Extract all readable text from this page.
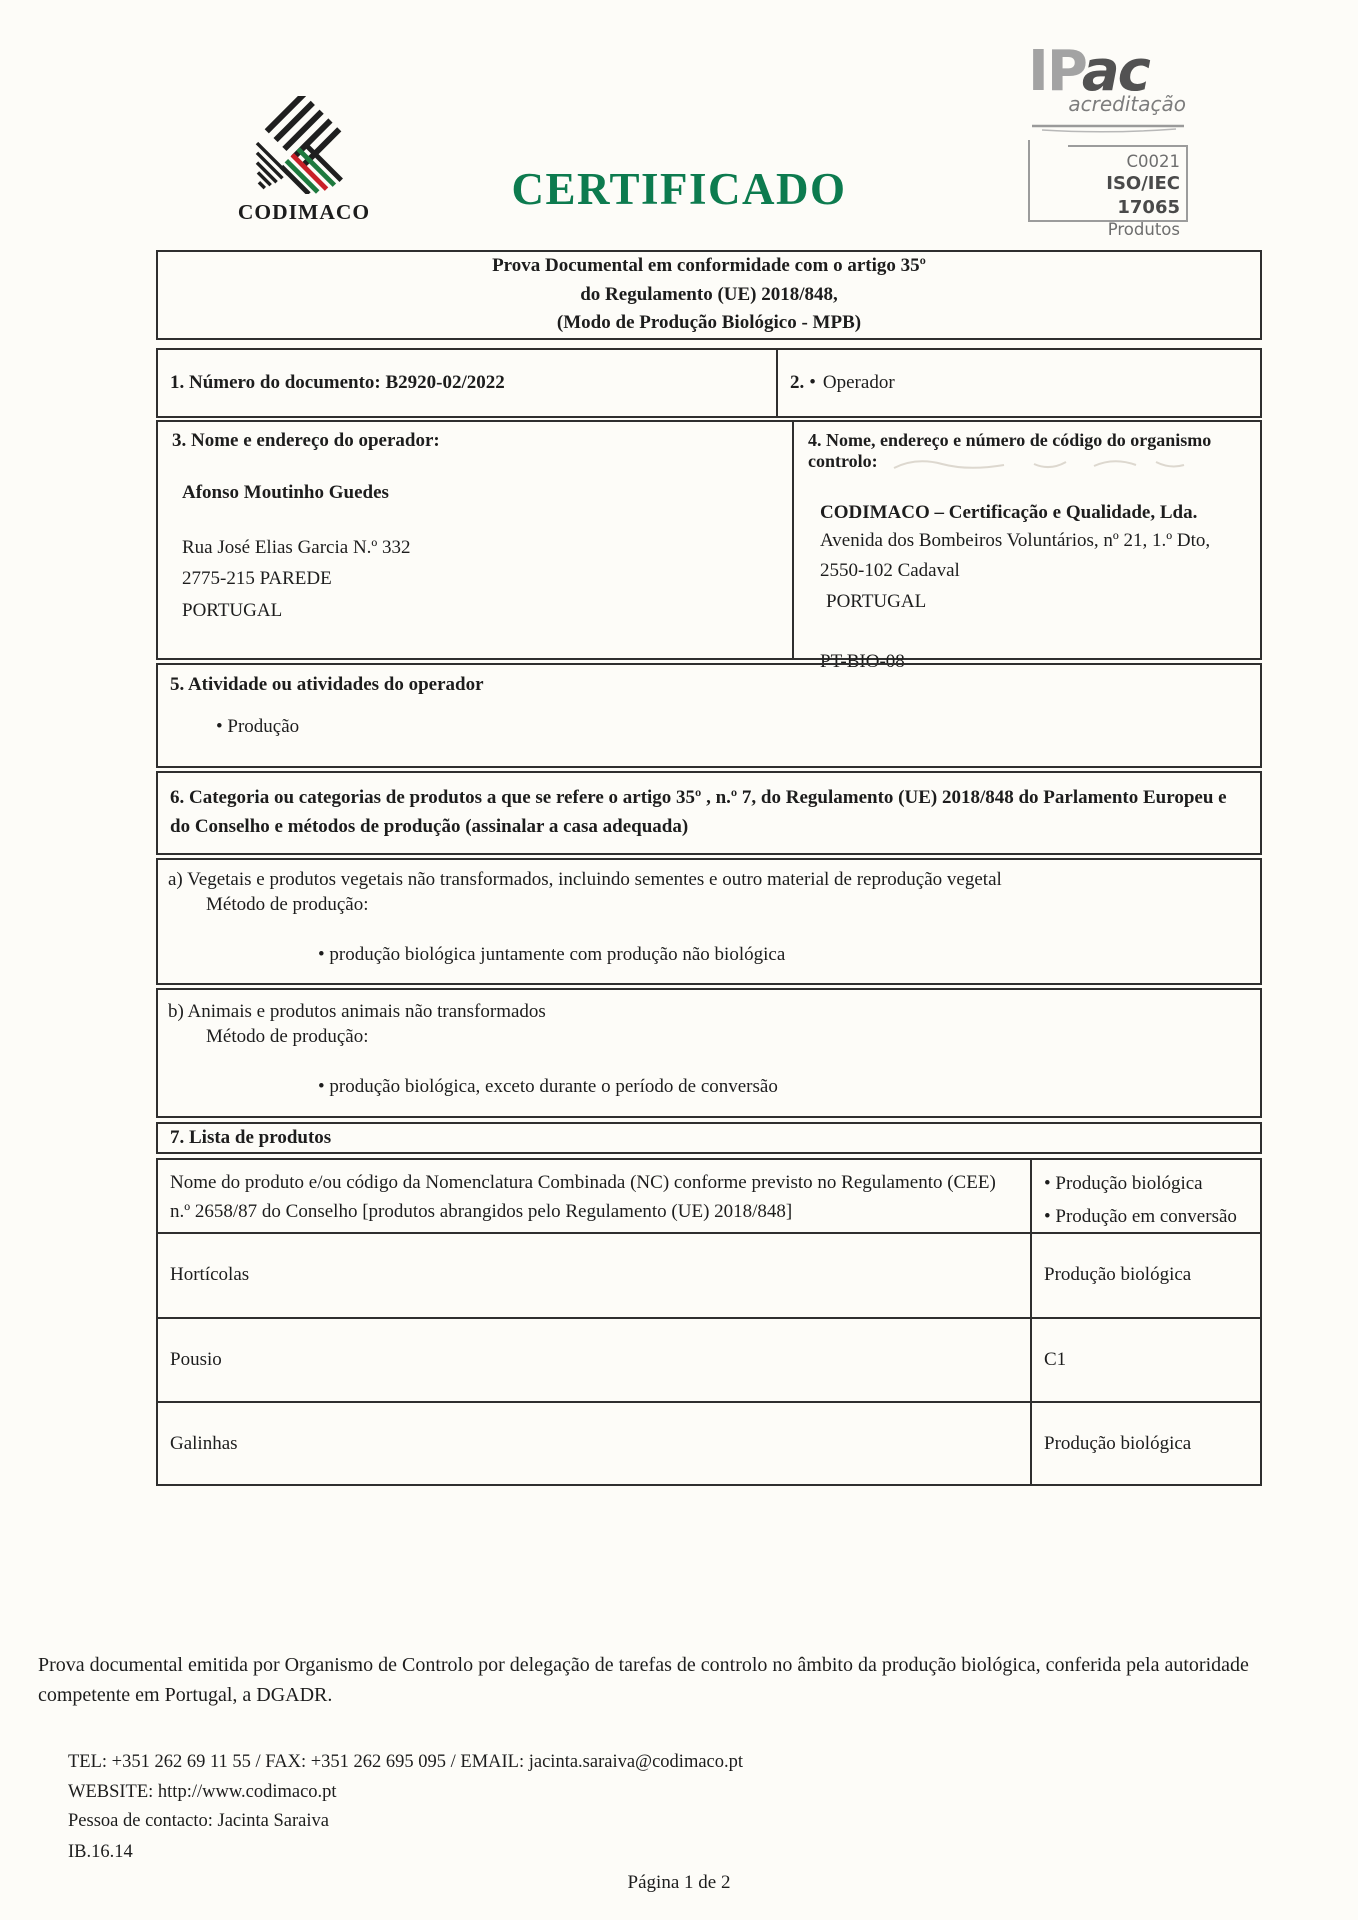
CODIMACO	CERTIFICADO
IPac
acreditação
C0021
ISO/IEC 17065
Produtos
Prova Documental em conformidade com o artigo 35º
do Regulamento (UE) 2018/848,
(Modo de Produção Biológico - MPB)
1. Número do documento: B2920-02/2022	2. • Operador
3. Nome e endereço do operador:
Afonso Moutinho Guedes
Rua José Elias Garcia N.º 332
2775-215 PAREDE
PORTUGAL
4. Nome, endereço e número de código do organismo controlo:
CODIMACO – Certificação e Qualidade, Lda.
Avenida dos Bombeiros Voluntários, nº 21, 1.º Dto,
2550-102 Cadaval
PORTUGAL
PT-BIO-08
5. Atividade ou atividades do operador
• Produção
6. Categoria ou categorias de produtos a que se refere o artigo 35º , n.º 7, do Regulamento (UE) 2018/848 do Parlamento Europeu e do Conselho e métodos de produção (assinalar a casa adequada)
a) Vegetais e produtos vegetais não transformados, incluindo sementes e outro material de reprodução vegetal
Método de produção:
• produção biológica juntamente com produção não biológica
b) Animais e produtos animais não transformados
Método de produção:
• produção biológica, exceto durante o período de conversão
7. Lista de produtos
Nome do produto e/ou código da Nomenclatura Combinada (NC) conforme previsto no Regulamento (CEE) n.º 2658/87 do Conselho [produtos abrangidos pelo Regulamento (UE) 2018/848]
• Produção biológica
• Produção em conversão
Hortícolas	Produção biológica
Pousio	C1
Galinhas	Produção biológica
Prova documental emitida por Organismo de Controlo por delegação de tarefas de controlo no âmbito da produção biológica, conferida pela autoridade competente em Portugal, a DGADR.
TEL: +351 262 69 11 55 / FAX: +351 262 695 095 / EMAIL: jacinta.saraiva@codimaco.pt
WEBSITE: http://www.codimaco.pt
Pessoa de contacto: Jacinta Saraiva
IB.16.14
Página 1 de 2
